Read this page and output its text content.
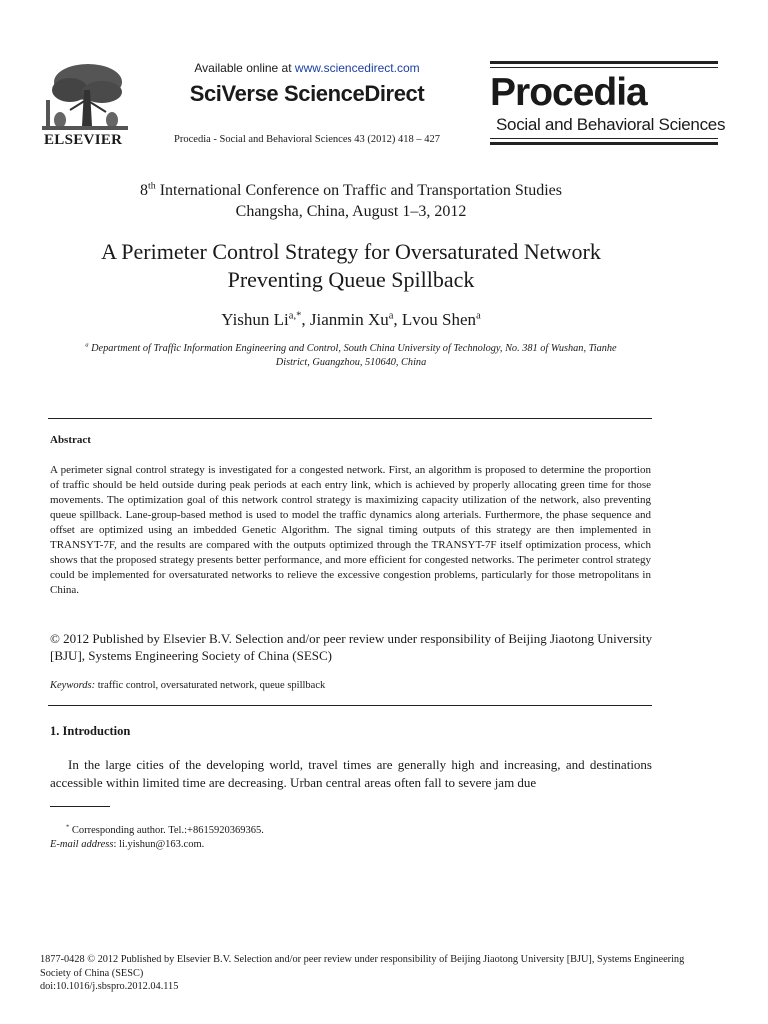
ELSEVIER
Available online at www.sciencedirect.com
SciVerse ScienceDirect
Procedia - Social and Behavioral Sciences 43 (2012) 418 – 427
Procedia
Social and Behavioral Sciences
8th International Conference on Traffic and Transportation Studies
Changsha, China, August 1–3, 2012
A Perimeter Control Strategy for Oversaturated Network
Preventing Queue Spillback
Yishun $Li^{a,*}$, Jianmin Xu$^a$, Lvou Shen$^a$
$^a$ Department of Traffic Information Engineering and Control, South China University of Technology, No. 381 of Wushan, Tianhe
District, Guangzhou, 510640, China
Abstract
A perimeter signal control strategy is investigated for a congested network. First, an algorithm is proposed to determine the proportion of traffic should be held outside during peak periods at each entry link, which is achieved by properly allocating green time for those movements. The optimization goal of this network control strategy is maximizing capacity utilization of the network, also preventing queue spillback. Lane-group-based method is used to model the traffic dynamics along arterials. Furthermore, the phase sequence and offset are optimized using an imbedded Genetic Algorithm. The signal timing outputs of this strategy are then implemented in TRANSYT-7F, and the results are compared with the outputs optimized through the TRANSYT-7F itself optimization process, which shows that the proposed strategy presents better performance, and more efficient for congested networks. The perimeter control strategy could be implemented for oversaturated networks to relieve the excessive congestion problems, particularly for those metropolitans in China.
© 2012 Published by Elsevier B.V. Selection and/or peer review under responsibility of Beijing Jiaotong University [BJU], Systems Engineering Society of China (SESC)
Keywords: traffic control, oversaturated network, queue spillback
1. Introduction
In the large cities of the developing world, travel times are generally high and increasing, and destinations accessible within limited time are decreasing. Urban central areas often fall to severe jam due
* Corresponding author. Tel.:+8615920369365.
E-mail address: li.yishun@163.com.
1877-0428 © 2012 Published by Elsevier B.V. Selection and/or peer review under responsibility of Beijing Jiaotong University [BJU], Systems Engineering Society of China (SESC)
doi:10.1016/j.sbspro.2012.04.115
